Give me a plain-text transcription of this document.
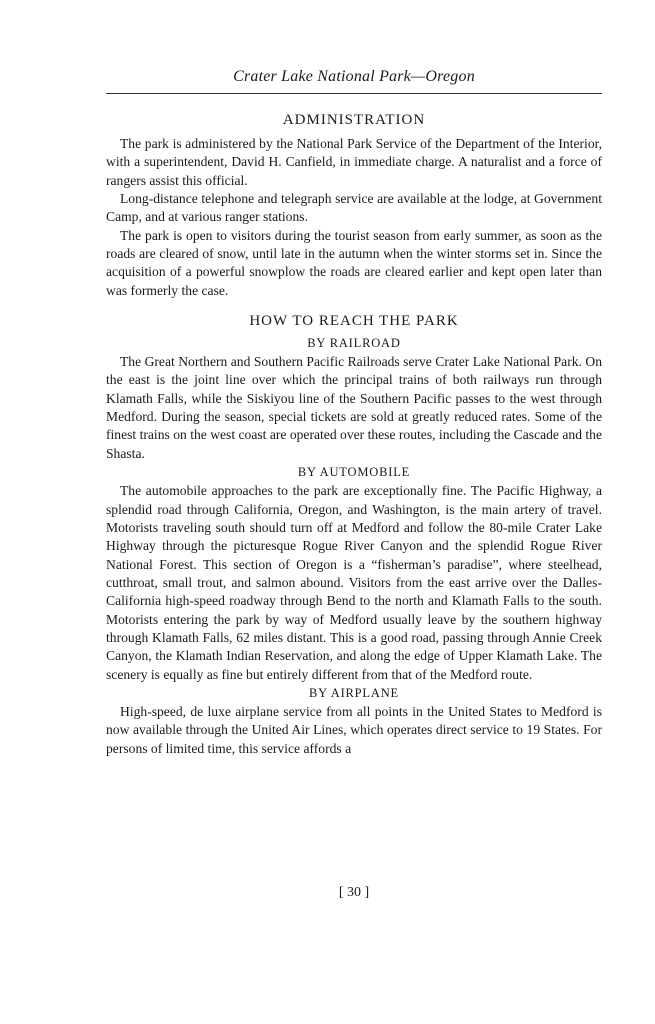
Crater Lake National Park—Oregon
ADMINISTRATION

The park is administered by the National Park Service of the Department of the Interior, with a superintendent, David H. Canfield, in immediate charge. A naturalist and a force of rangers assist this official.

Long-distance telephone and telegraph service are available at the lodge, at Government Camp, and at various ranger stations.

The park is open to visitors during the tourist season from early summer, as soon as the roads are cleared of snow, until late in the autumn when the winter storms set in. Since the acquisition of a powerful snowplow the roads are cleared earlier and kept open later than was formerly the case.

HOW TO REACH THE PARK
BY RAILROAD

The Great Northern and Southern Pacific Railroads serve Crater Lake National Park. On the east is the joint line over which the principal trains of both railways run through Klamath Falls, while the Siskiyou line of the Southern Pacific passes to the west through Medford. During the season, special tickets are sold at greatly reduced rates. Some of the finest trains on the west coast are operated over these routes, including the Cascade and the Shasta.

BY AUTOMOBILE

The automobile approaches to the park are exceptionally fine. The Pacific Highway, a splendid road through California, Oregon, and Washington, is the main artery of travel. Motorists traveling south should turn off at Medford and follow the 80-mile Crater Lake Highway through the picturesque Rogue River Canyon and the splendid Rogue River National Forest. This section of Oregon is a “fisherman’s paradise”, where steelhead, cutthroat, small trout, and salmon abound. Visitors from the east arrive over the Dalles-California high-speed roadway through Bend to the north and Klamath Falls to the south. Motorists entering the park by way of Medford usually leave by the southern highway through Klamath Falls, 62 miles distant. This is a good road, passing through Annie Creek Canyon, the Klamath Indian Reservation, and along the edge of Upper Klamath Lake. The scenery is equally as fine but entirely different from that of the Medford route.

BY AIRPLANE

High-speed, de luxe airplane service from all points in the United States to Medford is now available through the United Air Lines, which operates direct service to 19 States. For persons of limited time, this service affords a

[ 30 ]
